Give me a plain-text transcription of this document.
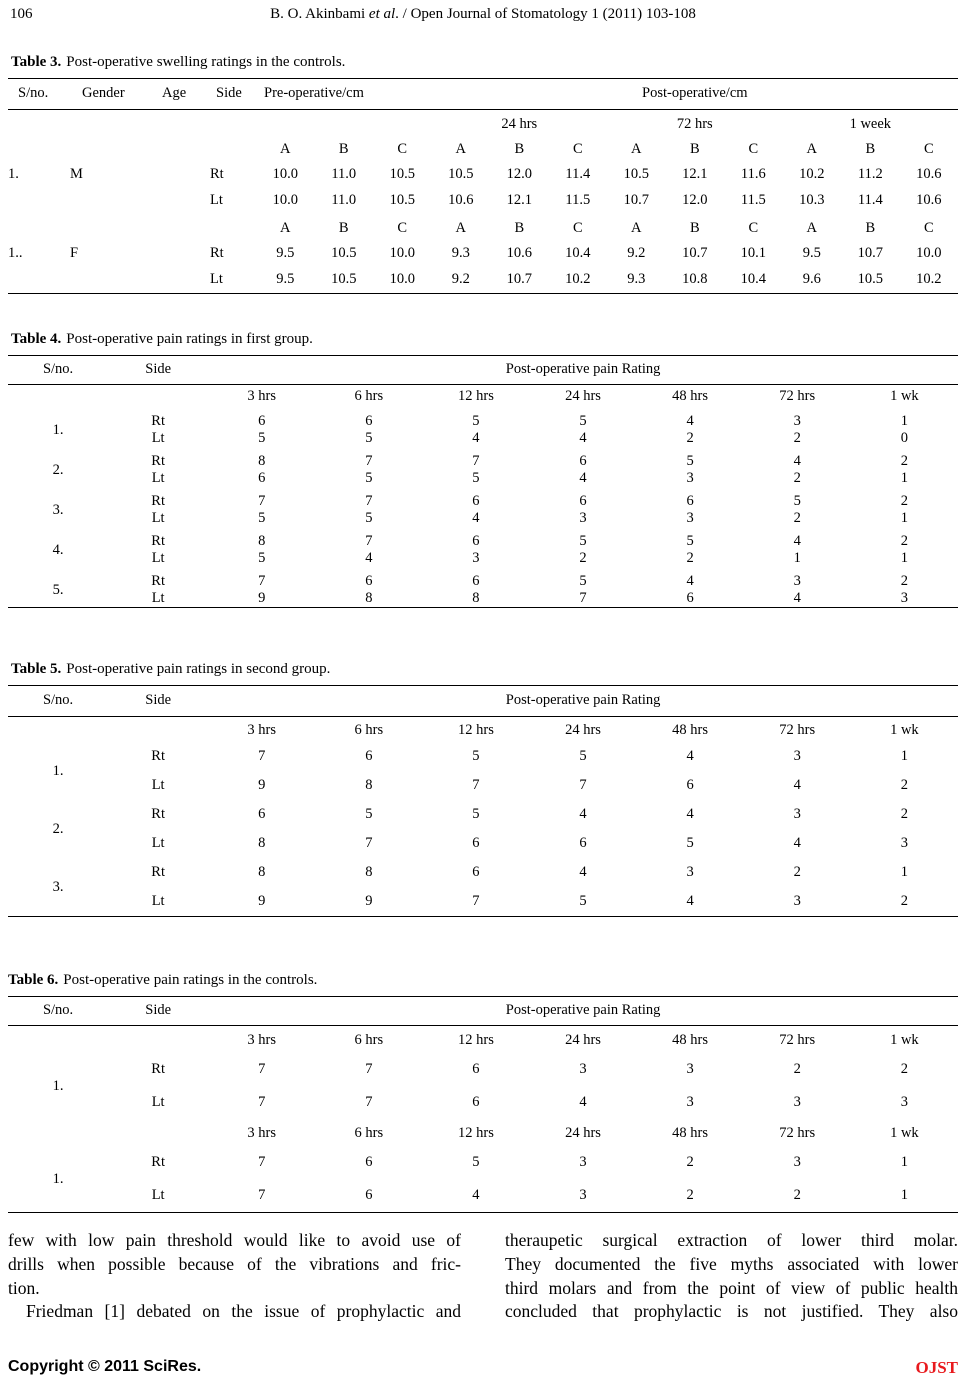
106	B. O. Akinbami et al. / Open Journal of Stomatology 1 (2011) 103-108

Table 3. Post-operative swelling ratings in the controls.

S/no.	Gender	Age	Side	Pre-operative/cm			Post-operative/cm								
							24 hrs			72 hrs			1 week		
				A	B	C	A	B	C	A	B	C	A	B	C
1.	M		Rt	10.0	11.0	10.5	10.5	12.0	11.4	10.5	12.1	11.6	10.2	11.2	10.6
			Lt	10.0	11.0	10.5	10.6	12.1	11.5	10.7	12.0	11.5	10.3	11.4	10.6
				A	B	C	A	B	C	A	B	C	A	B	C
1..	F		Rt	9.5	10.5	10.0	9.3	10.6	10.4	9.2	10.7	10.1	9.5	10.7	10.0
			Lt	9.5	10.5	10.0	9.2	10.7	10.2	9.3	10.8	10.4	9.6	10.5	10.2

Table 4. Post-operative pain ratings in first group.

S/no.	Side	Post-operative pain Rating						
		3 hrs	6 hrs	12 hrs	24 hrs	48 hrs	72 hrs	1 wk
1.	Rt	6	6	5	5	4	3	1
	Lt	5	5	4	4	2	2	0
2.	Rt	8	7	7	6	5	4	2
	Lt	6	5	5	4	3	2	1
3.	Rt	7	7	6	6	6	5	2
	Lt	5	5	4	3	3	2	1
4.	Rt	8	7	6	5	5	4	2
	Lt	5	4	3	2	2	1	1
5.	Rt	7	6	6	5	4	3	2
	Lt	9	8	8	7	6	4	3

Table 5. Post-operative pain ratings in second group.

S/no.	Side	Post-operative pain Rating						
		3 hrs	6 hrs	12 hrs	24 hrs	48 hrs	72 hrs	1 wk
1.	Rt	7	6	5	5	4	3	1
	Lt	9	8	7	7	6	4	2
2.	Rt	6	5	5	4	4	3	2
	Lt	8	7	6	6	5	4	3
3.	Rt	8	8	6	4	3	2	1
	Lt	9	9	7	5	4	3	2

Table 6. Post-operative pain ratings in the controls.

S/no.	Side	Post-operative pain Rating						
		3 hrs	6 hrs	12 hrs	24 hrs	48 hrs	72 hrs	1 wk
1.	Rt	7	7	6	3	3	2	2
	Lt	7	7	6	4	3	3	3
		3 hrs	6 hrs	12 hrs	24 hrs	48 hrs	72 hrs	1 wk
1.	Rt	7	6	5	3	2	3	1
	Lt	7	6	4	3	2	2	1
few with low pain threshold would like to avoid use of
drills when possible because of the vibrations and fric-
tion.
Friedman [1] debated on the issue of prophylactic and
theraupetic surgical extraction of lower third molar.
They documented the five myths associated with lower
third molars and from the point of view of public health
concluded that prophylactic is not justified. They also
Copyright © 2011 SciRes.	OJST
